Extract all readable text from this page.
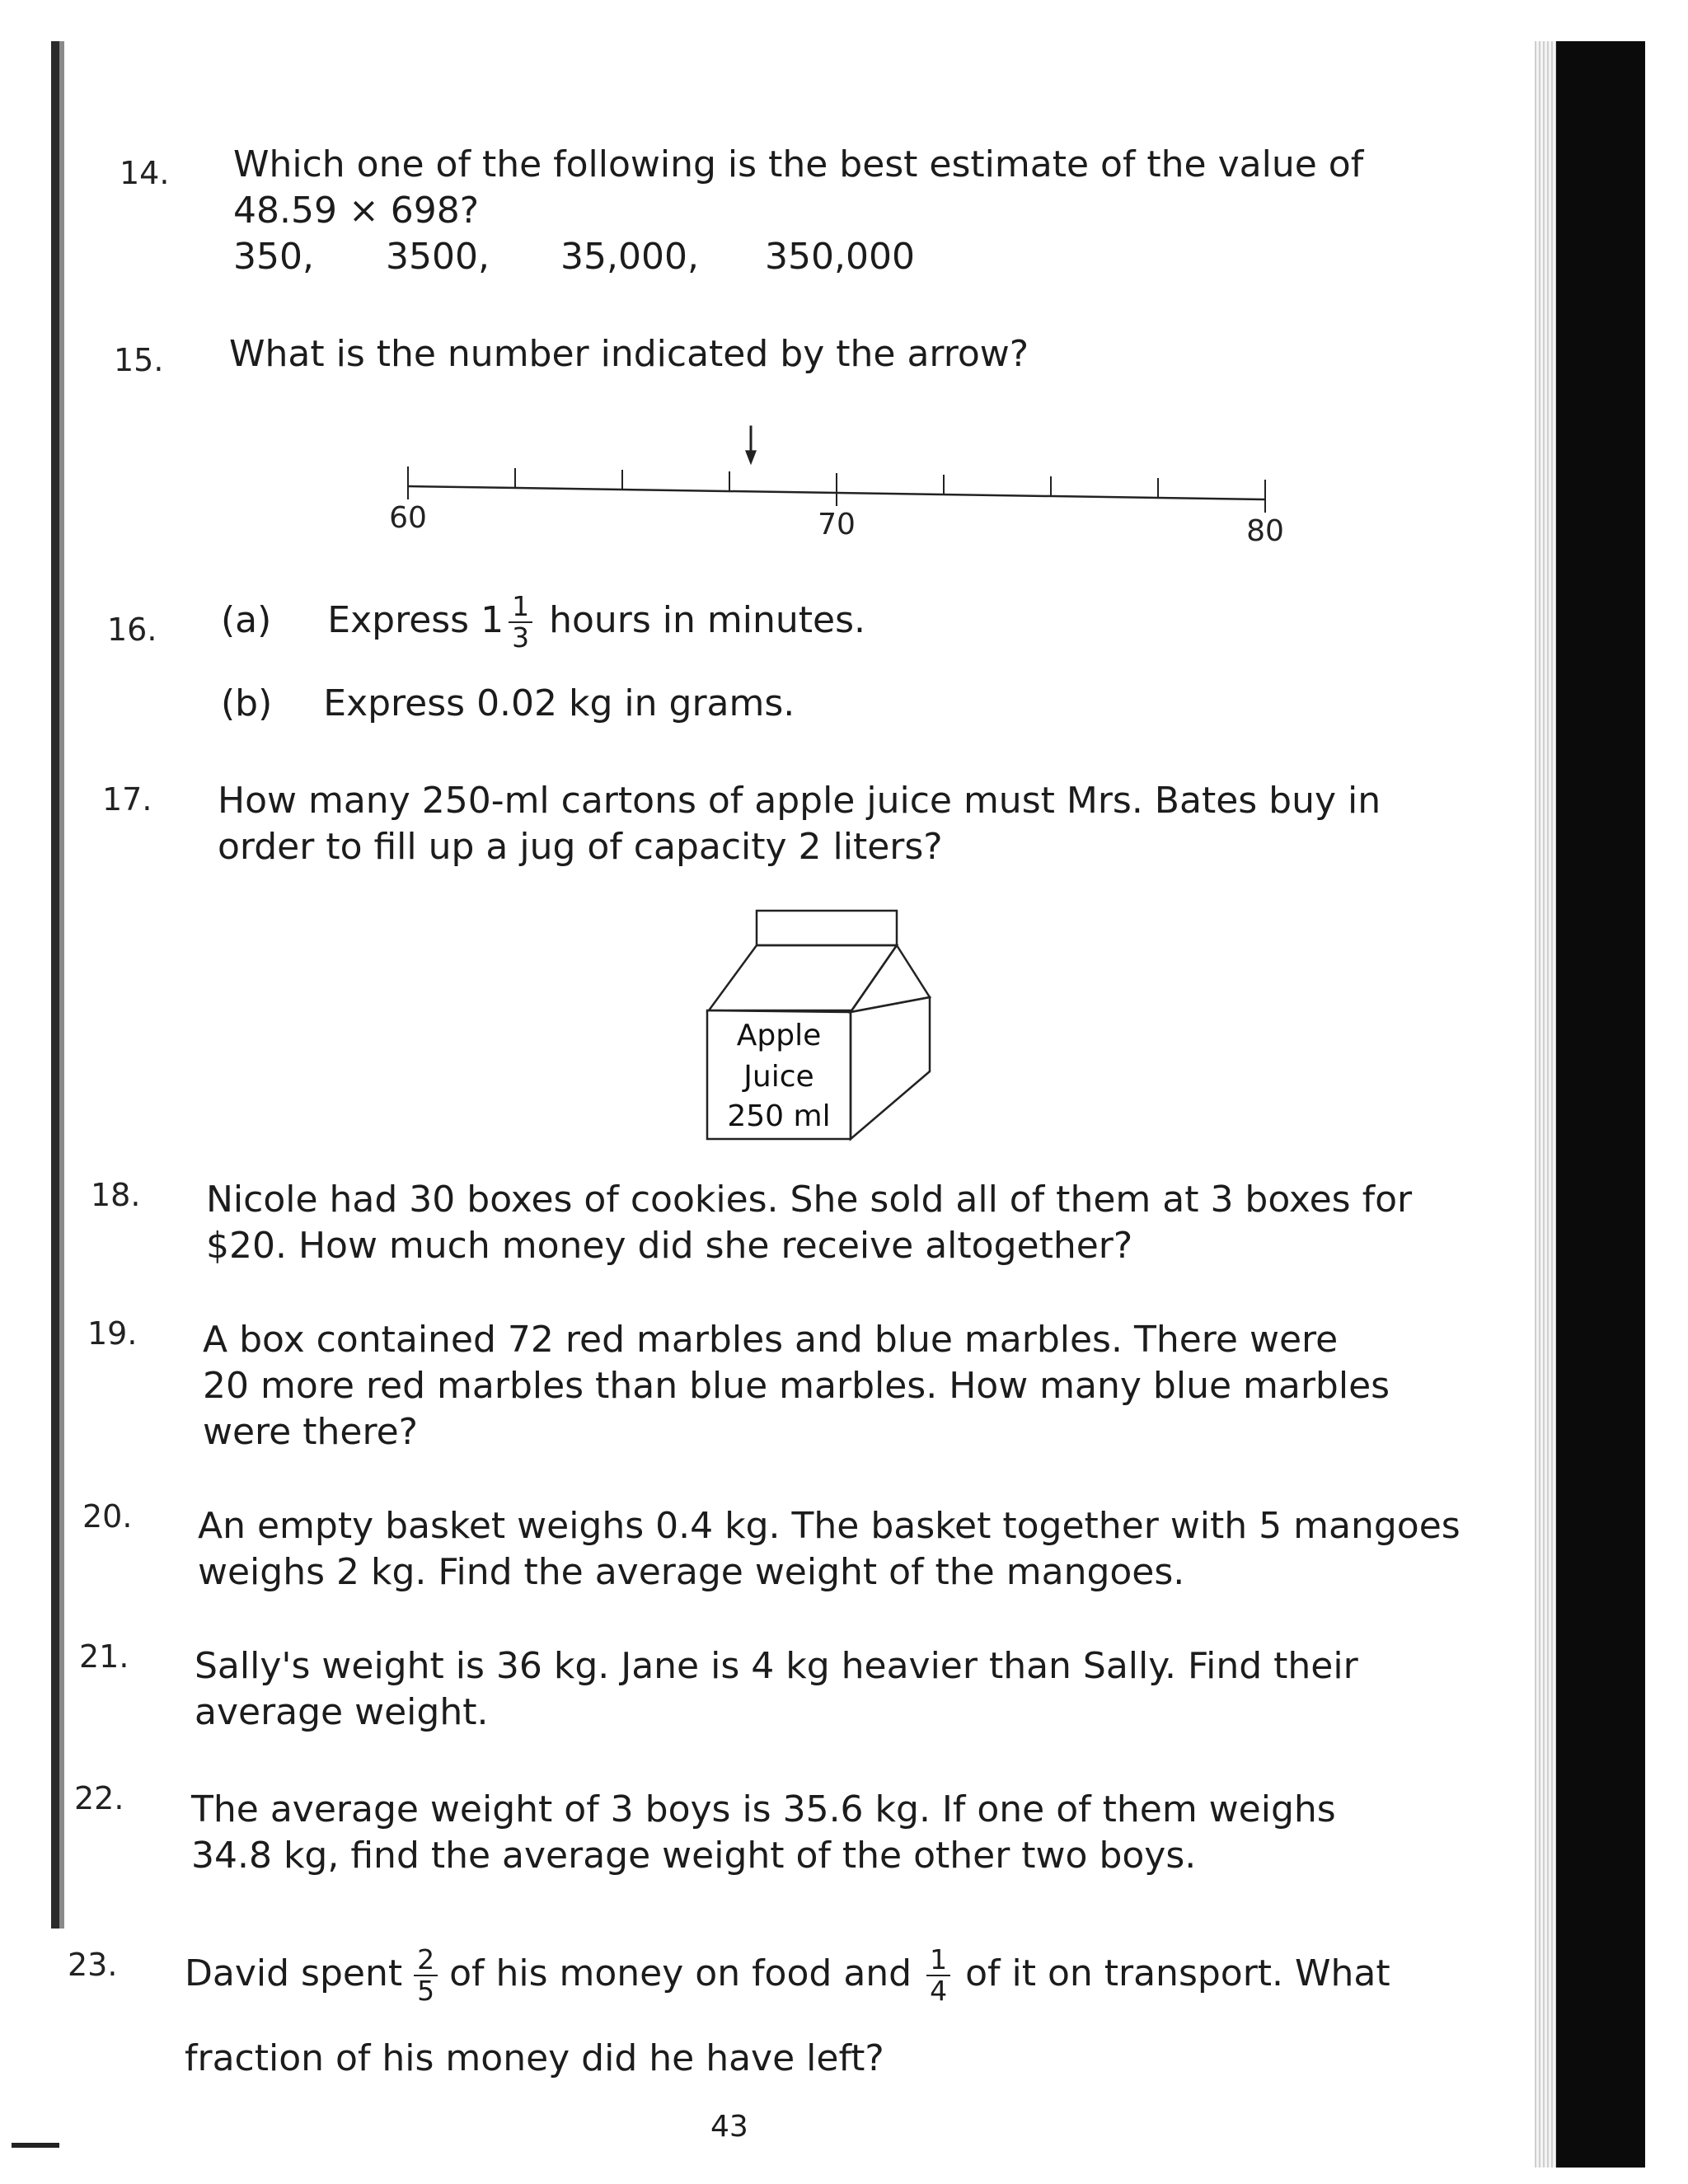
14. Which one of the following is the best estimate of the value of
48.59 × 698?
350,	3500,	35,000,	350,000
15. What is the number indicated by the arrow?
60	70	80
16. (a) Express $1 \frac{1}{3}$ hours in minutes.
(b) Express 0.02 kg in grams.
17. How many 250-ml cartons of apple juice must Mrs. Bates buy in
order to fill up a jug of capacity 2 liters?
Apple
Juice
250 ml
18. Nicole had 30 boxes of cookies. She sold all of them at 3 boxes for
$20. How much money did she receive altogether?
19. A box contained 72 red marbles and blue marbles. There were
20 more red marbles than blue marbles. How many blue marbles
were there?
20. An empty basket weighs 0.4 kg. The basket together with 5 mangoes
weighs 2 kg. Find the average weight of the mangoes.
21. Sally's weight is 36 kg. Jane is 4 kg heavier than Sally. Find their
average weight.
22. The average weight of 3 boys is 35.6 kg. If one of them weighs
34.8 kg, find the average weight of the other two boys.
23. David spent $\frac{2}{5}$ of his money on food and $\frac{1}{4}$ of it on transport. What
fraction of his money did he have left?
43
